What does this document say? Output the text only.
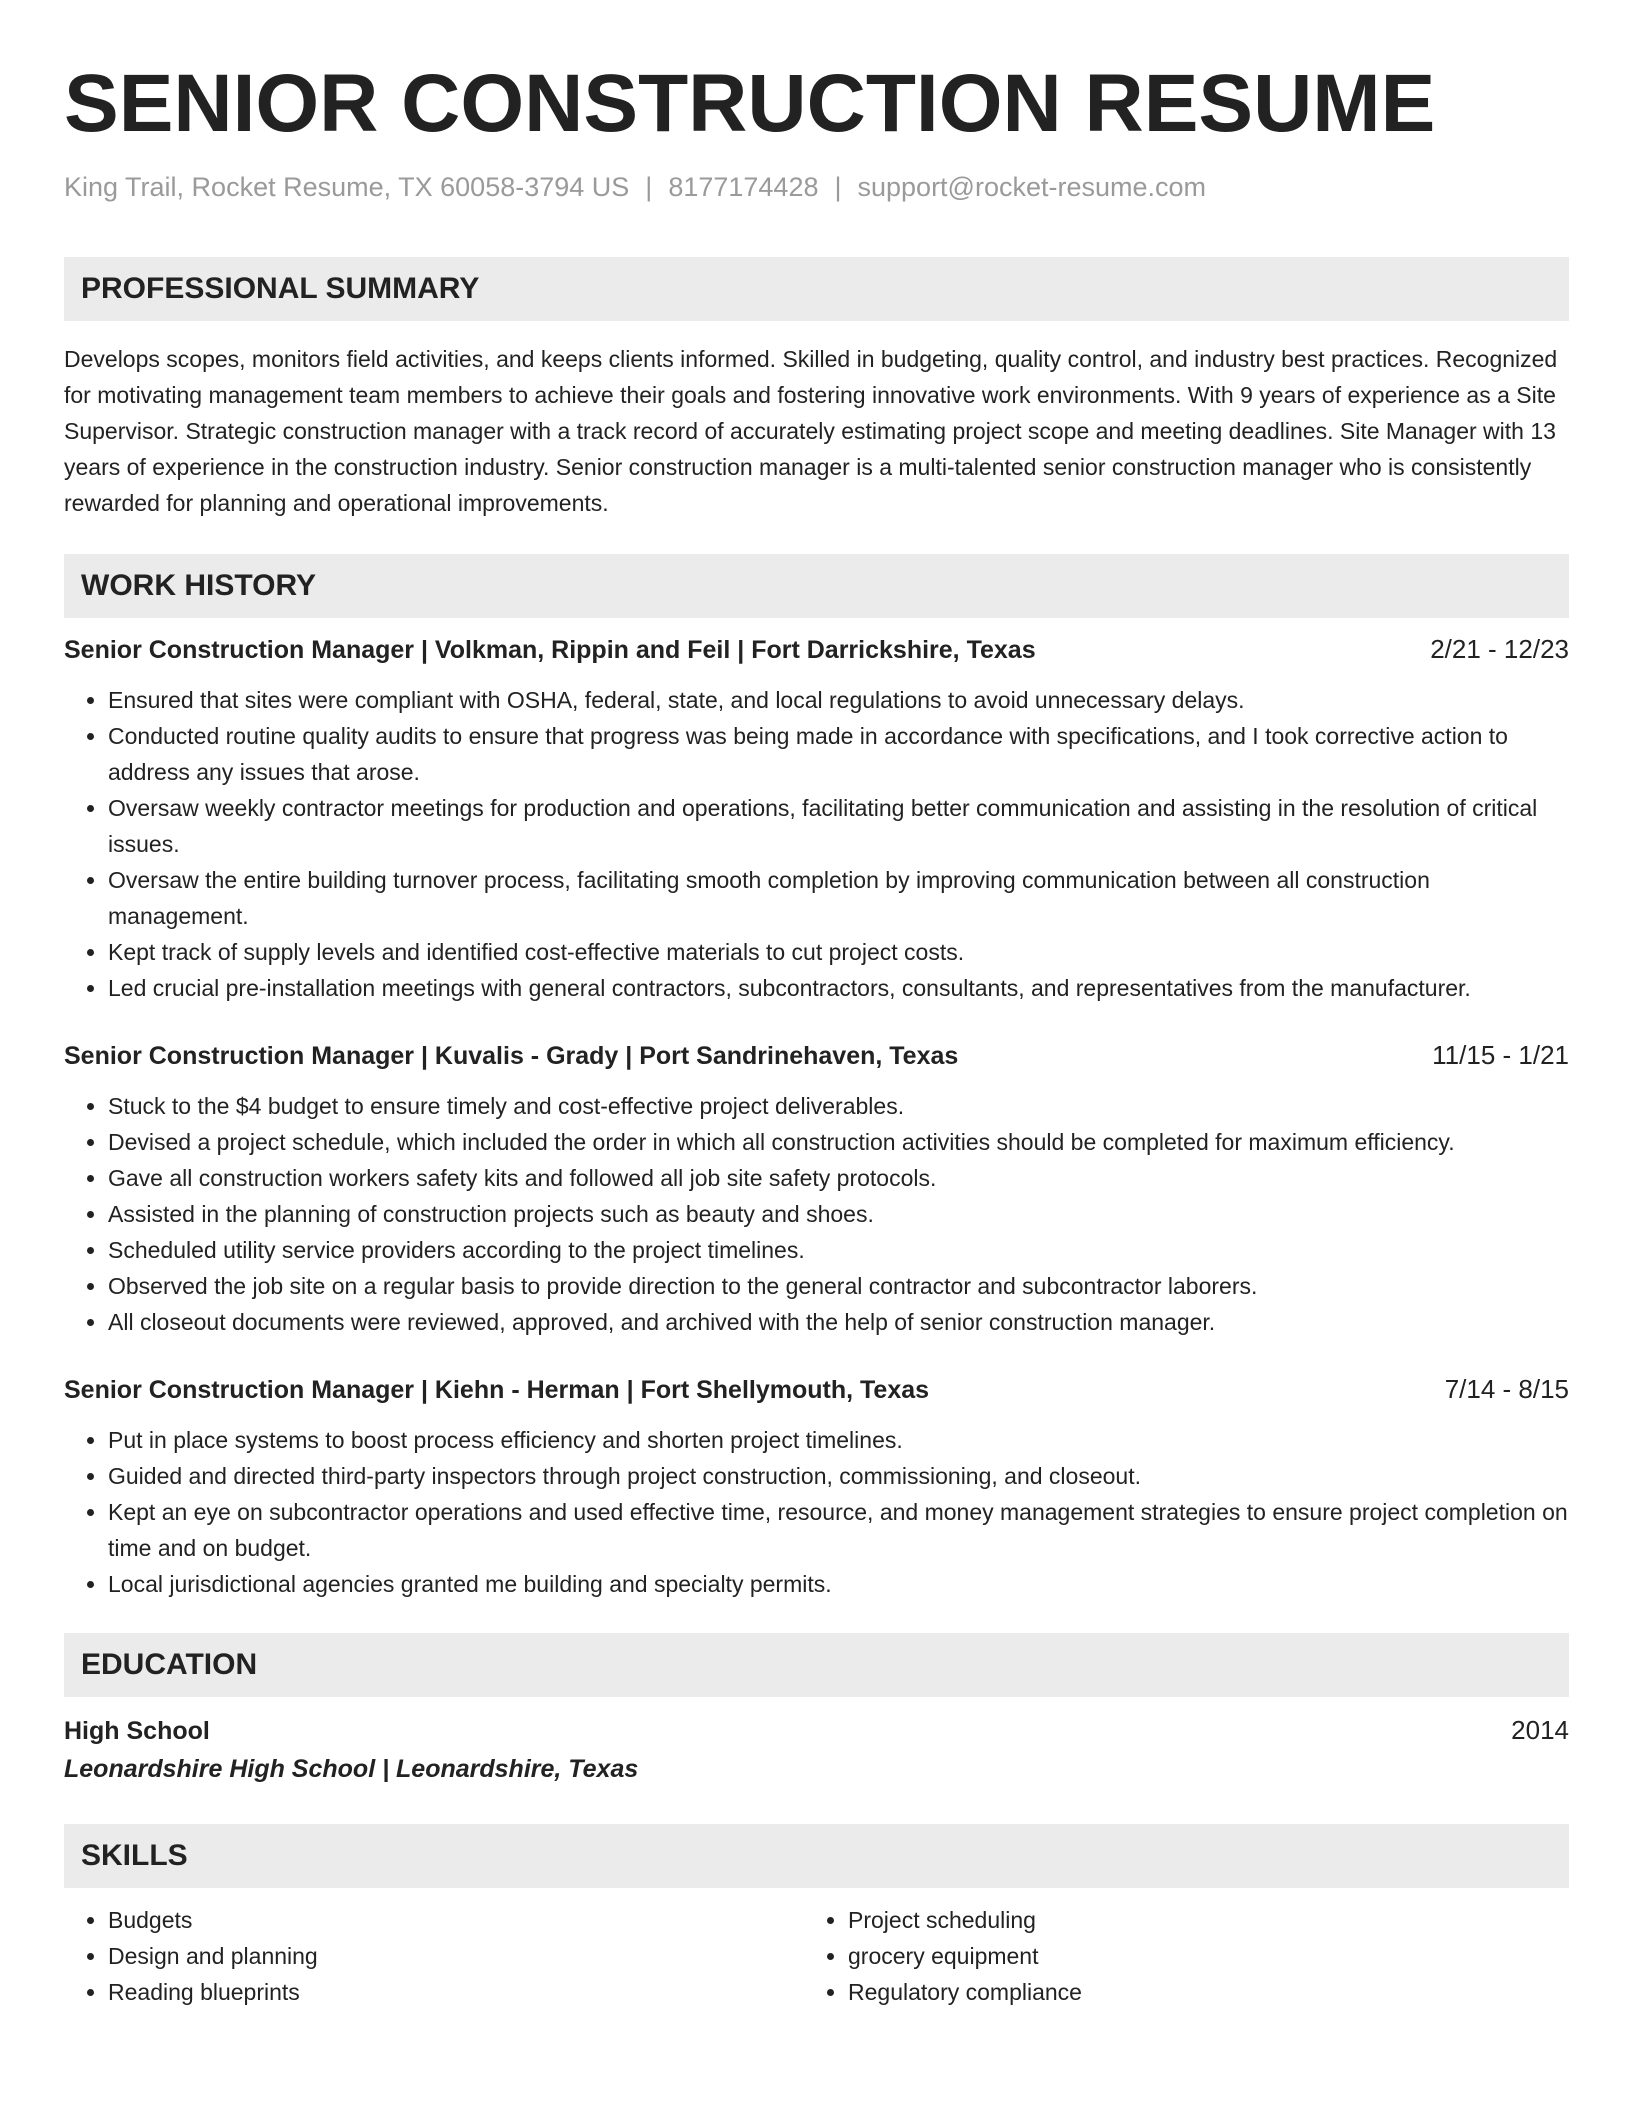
SENIOR CONSTRUCTION RESUME
King Trail, Rocket Resume, TX 60058-3794 US | 8177174428 | support@rocket-resume.com
PROFESSIONAL SUMMARY
Develops scopes, monitors field activities, and keeps clients informed. Skilled in budgeting, quality control, and industry best practices. Recognized for motivating management team members to achieve their goals and fostering innovative work environments. With 9 years of experience as a Site Supervisor. Strategic construction manager with a track record of accurately estimating project scope and meeting deadlines. Site Manager with 13 years of experience in the construction industry. Senior construction manager is a multi-talented senior construction manager who is consistently rewarded for planning and operational improvements.
WORK HISTORY
Senior Construction Manager | Volkman, Rippin and Feil | Fort Darrickshire, Texas	2/21 - 12/23
• Ensured that sites were compliant with OSHA, federal, state, and local regulations to avoid unnecessary delays.
• Conducted routine quality audits to ensure that progress was being made in accordance with specifications, and I took corrective action to address any issues that arose.
• Oversaw weekly contractor meetings for production and operations, facilitating better communication and assisting in the resolution of critical issues.
• Oversaw the entire building turnover process, facilitating smooth completion by improving communication between all construction management.
• Kept track of supply levels and identified cost-effective materials to cut project costs.
• Led crucial pre-installation meetings with general contractors, subcontractors, consultants, and representatives from the manufacturer.
Senior Construction Manager | Kuvalis - Grady | Port Sandrinehaven, Texas	11/15 - 1/21
• Stuck to the $4 budget to ensure timely and cost-effective project deliverables.
• Devised a project schedule, which included the order in which all construction activities should be completed for maximum efficiency.
• Gave all construction workers safety kits and followed all job site safety protocols.
• Assisted in the planning of construction projects such as beauty and shoes.
• Scheduled utility service providers according to the project timelines.
• Observed the job site on a regular basis to provide direction to the general contractor and subcontractor laborers.
• All closeout documents were reviewed, approved, and archived with the help of senior construction manager.
Senior Construction Manager | Kiehn - Herman | Fort Shellymouth, Texas	7/14 - 8/15
• Put in place systems to boost process efficiency and shorten project timelines.
• Guided and directed third-party inspectors through project construction, commissioning, and closeout.
• Kept an eye on subcontractor operations and used effective time, resource, and money management strategies to ensure project completion on time and on budget.
• Local jurisdictional agencies granted me building and specialty permits.
EDUCATION
High School	2014
Leonardshire High School | Leonardshire, Texas
SKILLS
• Budgets
• Design and planning
• Reading blueprints
• Project scheduling
• grocery equipment
• Regulatory compliance
